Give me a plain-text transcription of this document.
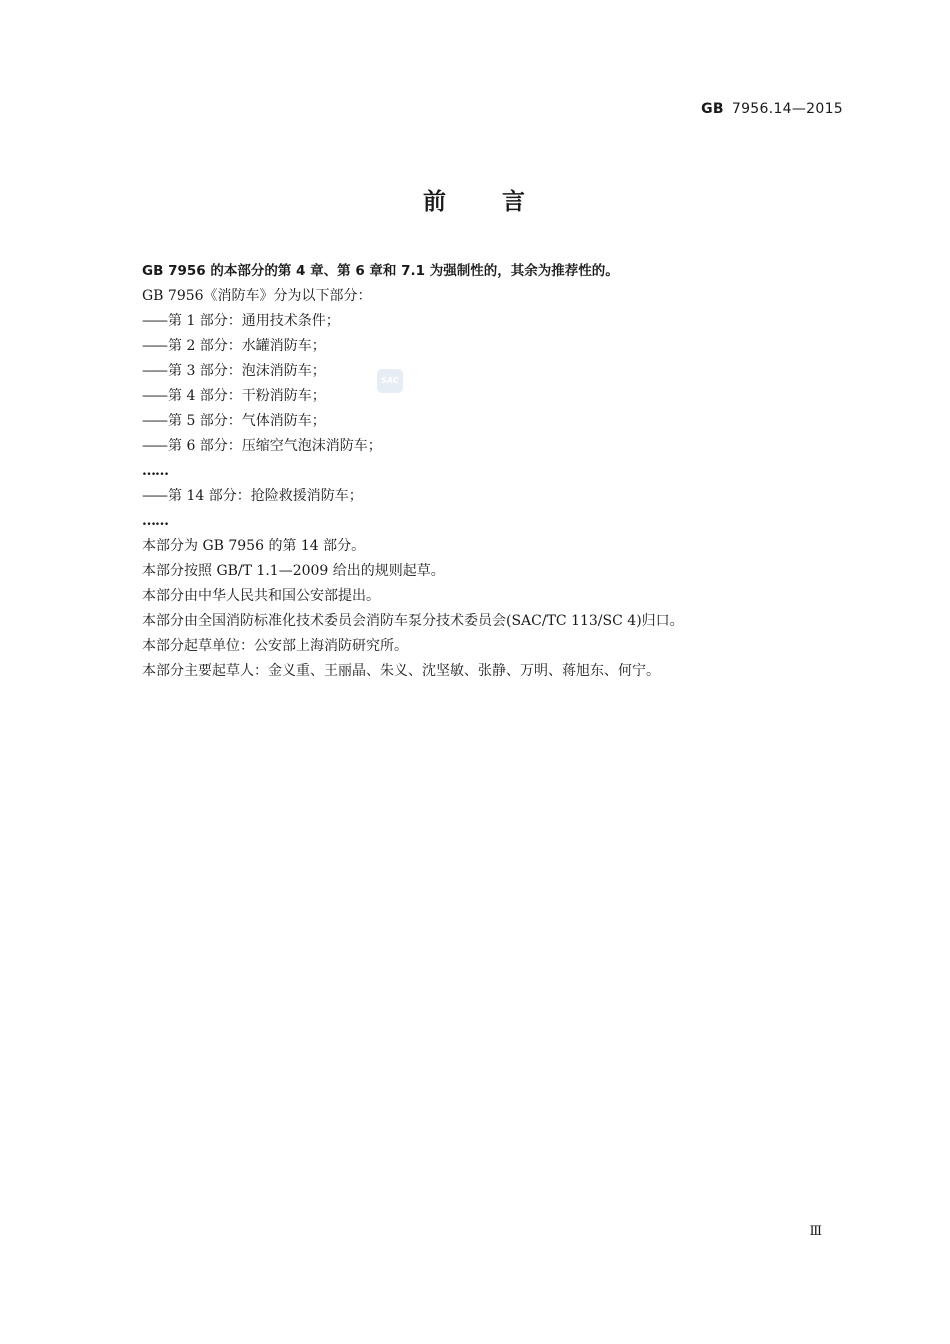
GB 7956.14—2015
前 言
SAC
GB 7956 的本部分的第 4 章、第 6 章和 7.1 为强制性的，其余为推荐性的。
GB 7956《消防车》分为以下部分：
—— 第 1 部分：通用技术条件；
—— 第 2 部分：水罐消防车；
—— 第 3 部分：泡沫消防车；
—— 第 4 部分：干粉消防车；
—— 第 5 部分：气体消防车；
—— 第 6 部分：压缩空气泡沫消防车；
……
—— 第 14 部分：抢险救援消防车；
……
本部分为 GB 7956 的第 14 部分。
本部分按照 GB/T 1.1—2009 给出的规则起草。
本部分由中华人民共和国公安部提出。
本部分由全国消防标准化技术委员会消防车泵分技术委员会(SAC/TC 113/SC 4)归口。
本部分起草单位：公安部上海消防研究所。
本部分主要起草人：金义重、王丽晶、朱义、沈坚敏、张静、万明、蒋旭东、何宁。
Ⅲ
